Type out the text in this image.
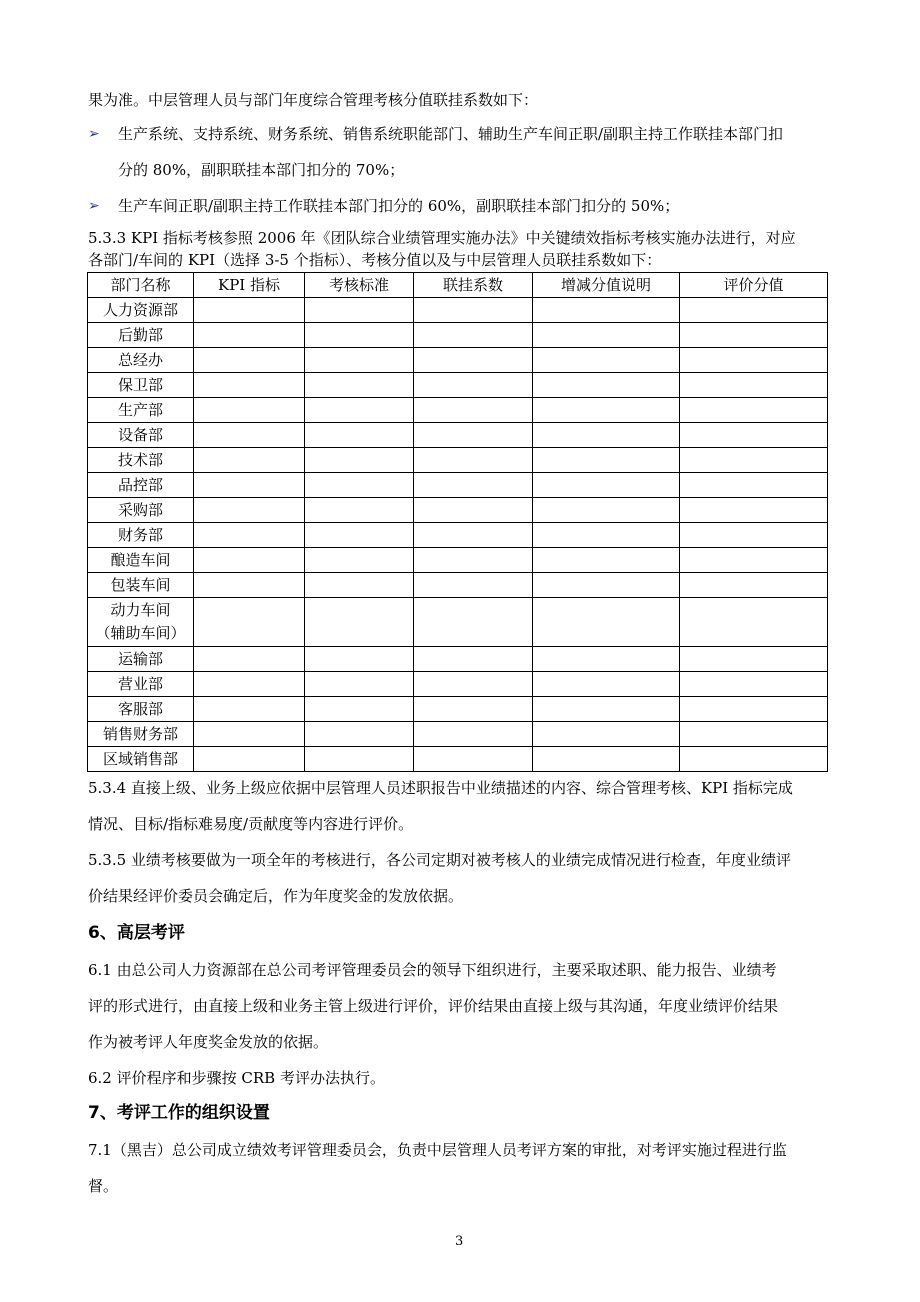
果为准。中层管理人员与部门年度综合管理考核分值联挂系数如下：
➢ 生产系统、支持系统、财务系统、销售系统职能部门、辅助生产车间正职/副职主持工作联挂本部门扣
分的 80%，副职联挂本部门扣分的 70%；
➢ 生产车间正职/副职主持工作联挂本部门扣分的 60%，副职联挂本部门扣分的 50%；
5.3.3 KPI 指标考核参照 2006 年《团队综合业绩管理实施办法》中关键绩效指标考核实施办法进行，对应
各部门/车间的 KPI（选择 3-5 个指标）、考核分值以及与中层管理人员联挂系数如下：
部门名称	KPI 指标	考核标准	联挂系数	增减分值说明	评价分值
人力资源部					
后勤部					
总经办					
保卫部					
生产部					
设备部					
技术部					
品控部					
采购部					
财务部					
酿造车间					
包装车间					

动力车间
（辅助车间）					

运输部					
营业部					
客服部					
销售财务部					
区域销售部					
5.3.4 直接上级、业务上级应依据中层管理人员述职报告中业绩描述的内容、综合管理考核、KPI 指标完成
情况、目标/指标难易度/贡献度等内容进行评价。
5.3.5 业绩考核要做为一项全年的考核进行，各公司定期对被考核人的业绩完成情况进行检查，年度业绩评
价结果经评价委员会确定后，作为年度奖金的发放依据。
6、高层考评
6.1 由总公司人力资源部在总公司考评管理委员会的领导下组织进行，主要采取述职、能力报告、业绩考
评的形式进行，由直接上级和业务主管上级进行评价，评价结果由直接上级与其沟通，年度业绩评价结果
作为被考评人年度奖金发放的依据。
6.2 评价程序和步骤按 CRB 考评办法执行。
7、考评工作的组织设置
7.1（黑吉）总公司成立绩效考评管理委员会，负责中层管理人员考评方案的审批，对考评实施过程进行监
督。
3
